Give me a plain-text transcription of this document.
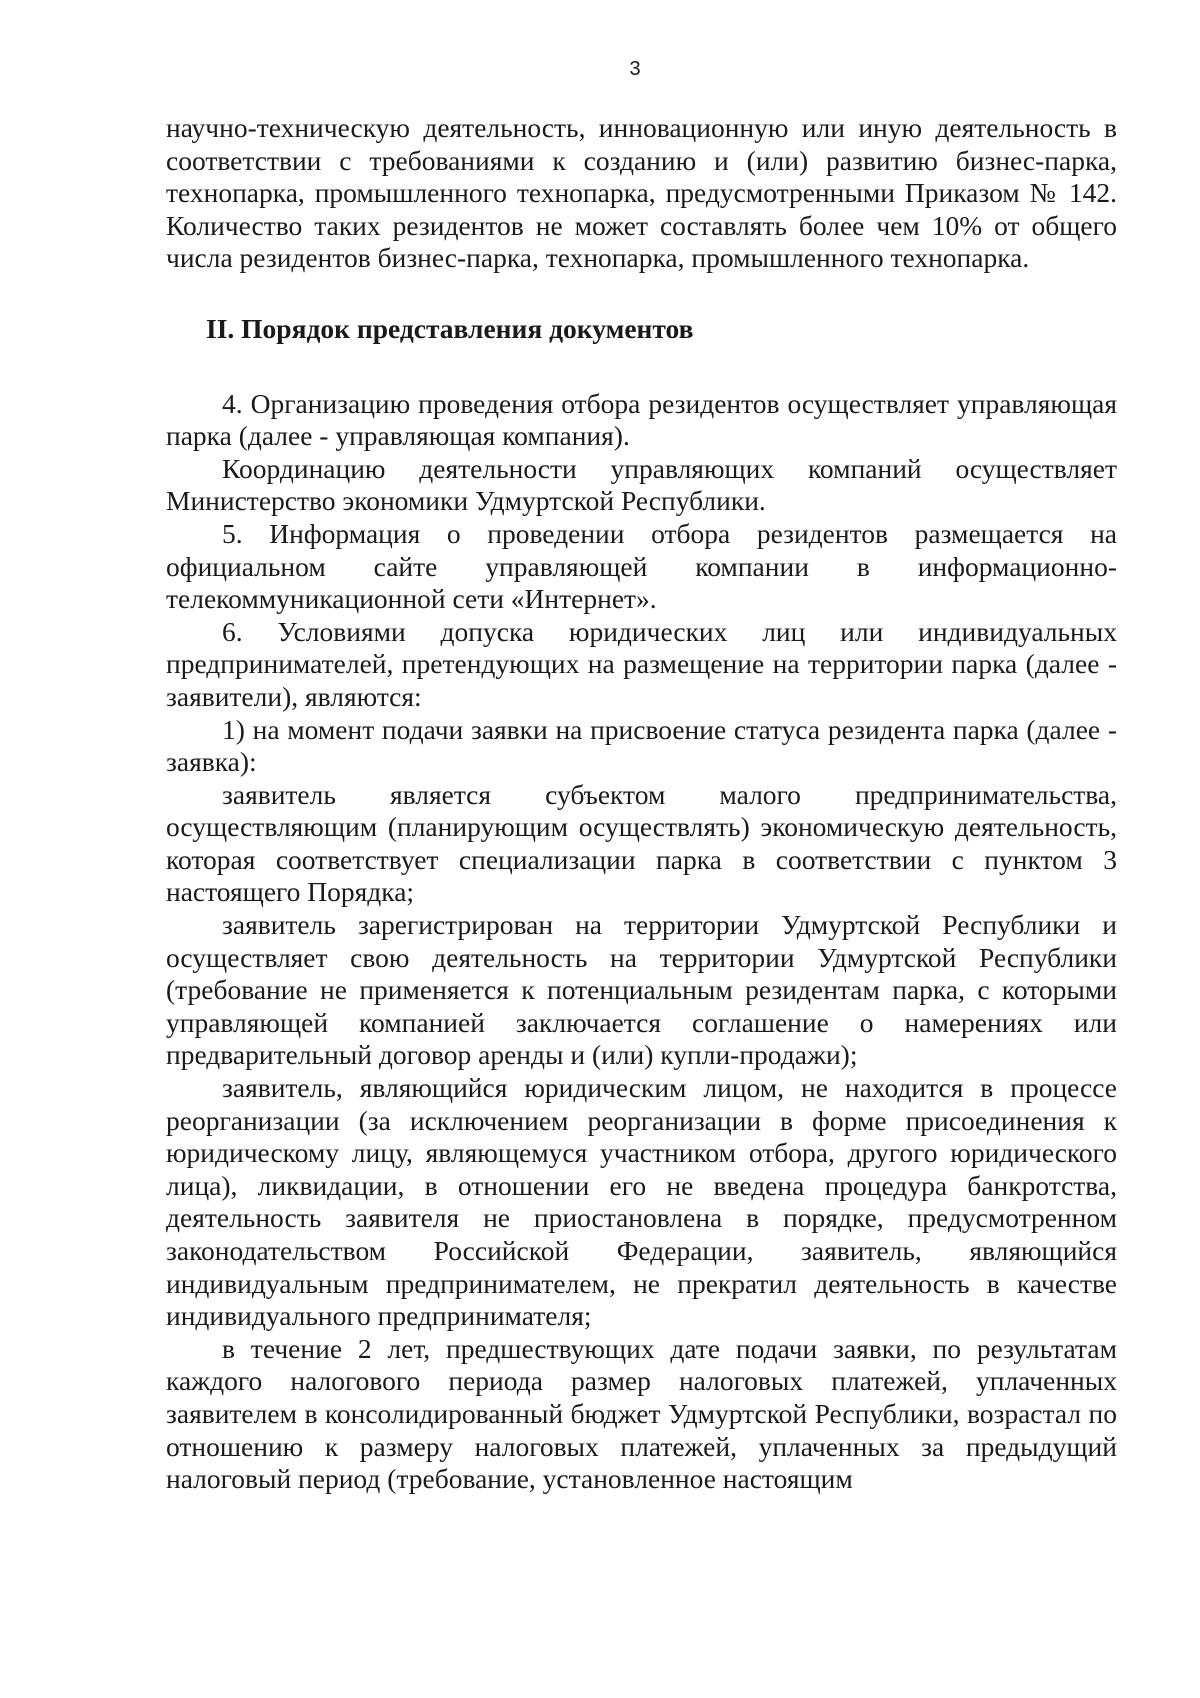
3

научно-техническую деятельность, инновационную или иную деятельность в соответствии с требованиями к созданию и (или) развитию бизнес-парка, технопарка, промышленного технопарка, предусмотренными Приказом № 142. Количество таких резидентов не может составлять более чем 10% от общего числа резидентов бизнес-парка, технопарка, промышленного технопарка.

II. Порядок представления документов

4. Организацию проведения отбора резидентов осуществляет управляющая парка (далее - управляющая компания).

Координацию деятельности управляющих компаний осуществляет Министерство экономики Удмуртской Республики.

5. Информация о проведении отбора резидентов размещается на официальном сайте управляющей компании в информационно-телекоммуникационной сети «Интернет».

6. Условиями допуска юридических лиц или индивидуальных предпринимателей, претендующих на размещение на территории парка (далее - заявители), являются:

1) на момент подачи заявки на присвоение статуса резидента парка (далее - заявка):

заявитель является субъектом малого предпринимательства, осуществляющим (планирующим осуществлять) экономическую деятельность, которая соответствует специализации парка в соответствии с пунктом 3 настоящего Порядка;

заявитель зарегистрирован на территории Удмуртской Республики и осуществляет свою деятельность на территории Удмуртской Республики (требование не применяется к потенциальным резидентам парка, с которыми управляющей компанией заключается соглашение о намерениях или предварительный договор аренды и (или) купли-продажи);

заявитель, являющийся юридическим лицом, не находится в процессе реорганизации (за исключением реорганизации в форме присоединения к юридическому лицу, являющемуся участником отбора, другого юридического лица), ликвидации, в отношении его не введена процедура банкротства, деятельность заявителя не приостановлена в порядке, предусмотренном законодательством Российской Федерации, заявитель, являющийся индивидуальным предпринимателем, не прекратил деятельность в качестве индивидуального предпринимателя;

в течение 2 лет, предшествующих дате подачи заявки, по результатам каждого налогового периода размер налоговых платежей, уплаченных заявителем в консолидированный бюджет Удмуртской Республики, возрастал по отношению к размеру налоговых платежей, уплаченных за предыдущий налоговый период (требование, установленное настоящим
